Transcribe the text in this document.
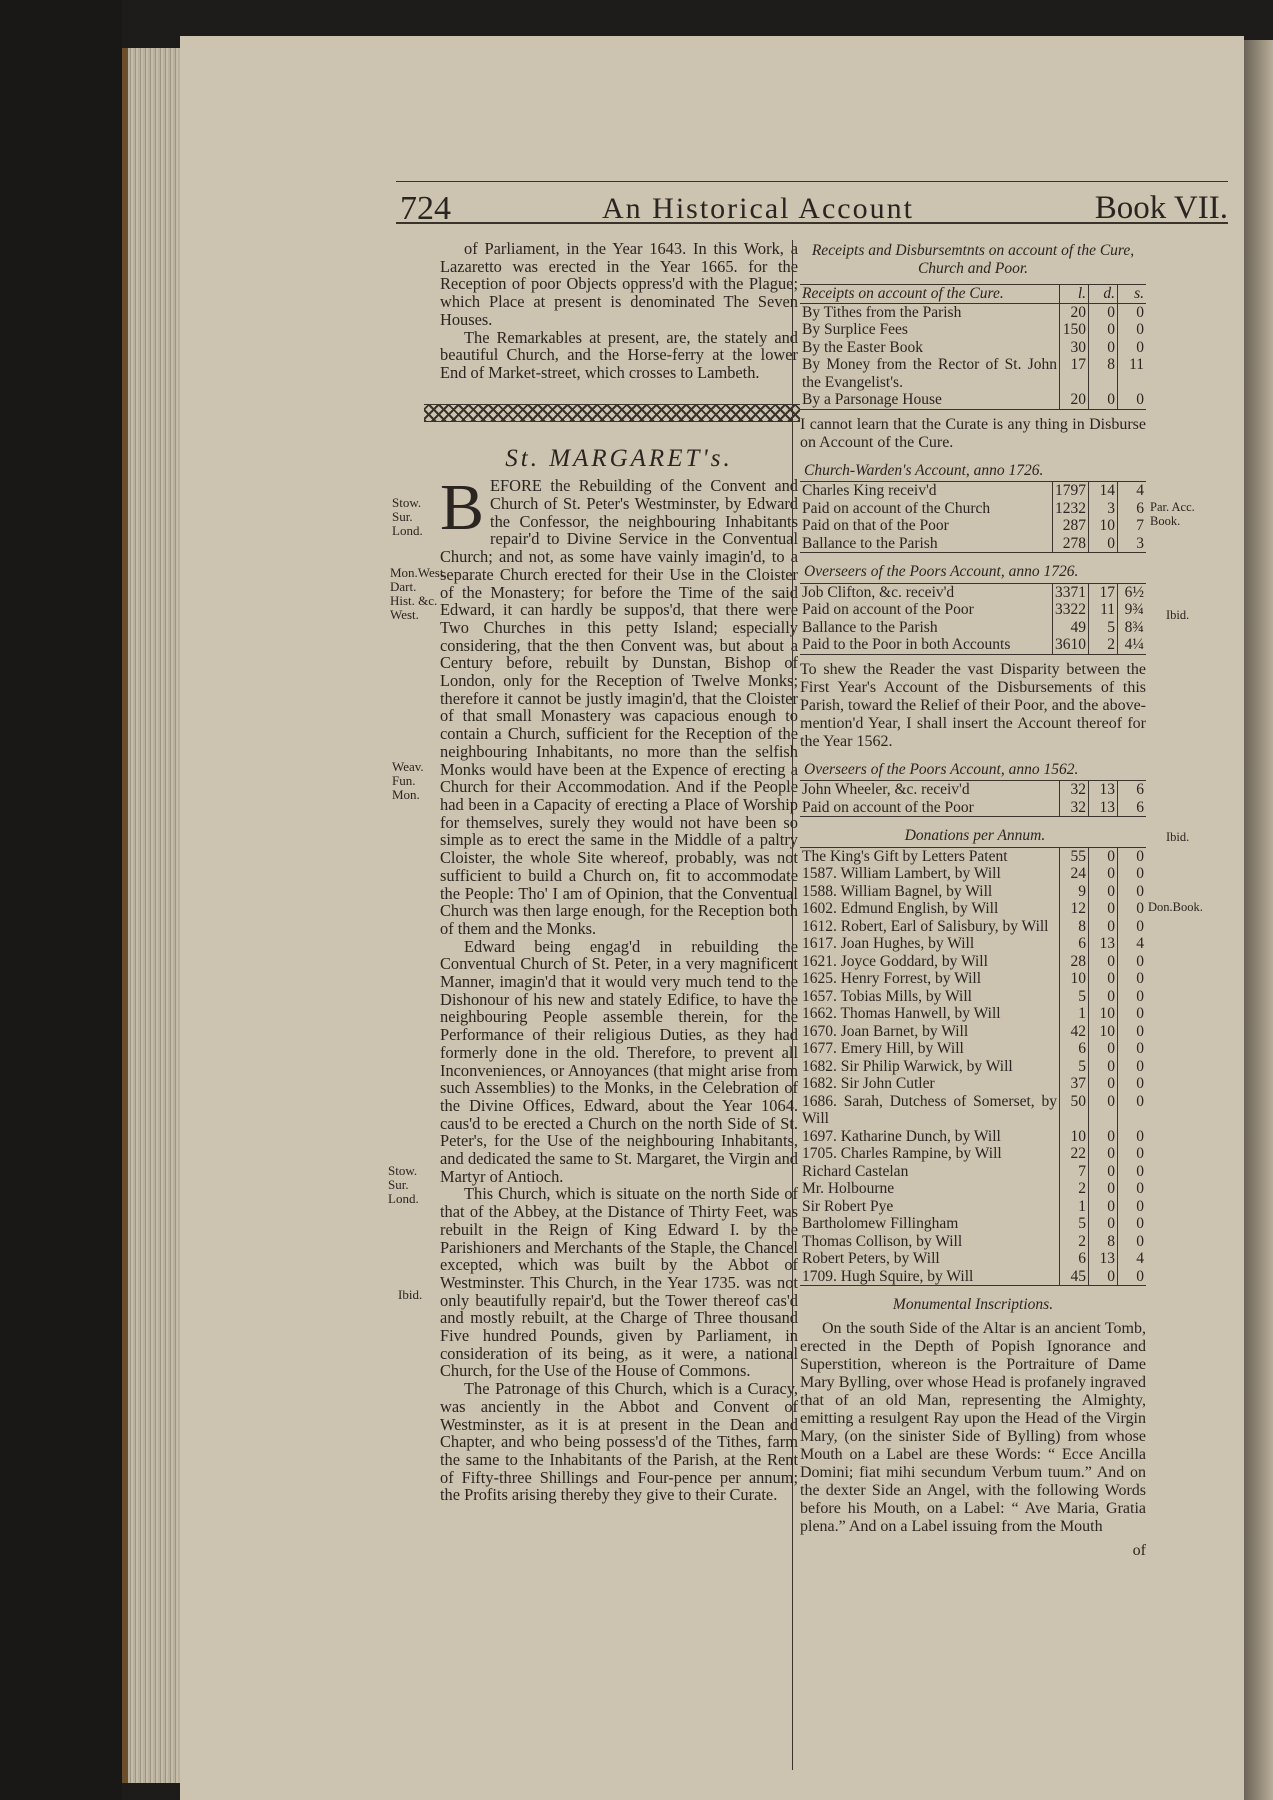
724	An Historical Account	Book VII.
Stow. Sur. Lond.
Mon.West. Dart. Hist. &c. West.
Weav. Fun. Mon.
Stow. Sur. Lond.
Ibid.

of Parliament, in the Year 1643. In this Work, a Lazaretto was erected in the Year 1665. for the Reception of poor Objects oppress'd with the Plague; which Place at present is denominated The Seven Houses.

The Remarkables at present, are, the stately and beautiful Church, and the Horse-ferry at the lower End of Market-street, which crosses to Lambeth.

St. MARGARET's.

B EFORE the Rebuilding of the Convent and Church of St. Peter's Westminster, by Edward the Confessor, the neighbouring Inhabitants repair'd to Divine Service in the Conventual Church; and not, as some have vainly imagin'd, to a separate Church erected for their Use in the Cloister of the Monastery; for before the Time of the said Edward, it can hardly be suppos'd, that there were Two Churches in this petty Island; especially considering, that the then Convent was, but about a Century before, rebuilt by Dunstan, Bishop of London, only for the Reception of Twelve Monks; therefore it cannot be justly imagin'd, that the Cloister of that small Monastery was capacious enough to contain a Church, sufficient for the Reception of the neighbouring Inhabitants, no more than the selfish Monks would have been at the Expence of erecting a Church for their Accommodation. And if the People had been in a Capacity of erecting a Place of Worship for themselves, surely they would not have been so simple as to erect the same in the Middle of a paltry Cloister, the whole Site whereof, probably, was not sufficient to build a Church on, fit to accommodate the People: Tho' I am of Opinion, that the Conventual Church was then large enough, for the Reception both of them and the Monks.

Edward being engag'd in rebuilding the Conventual Church of St. Peter, in a very magnificent Manner, imagin'd that it would very much tend to the Dishonour of his new and stately Edifice, to have the neighbouring People assemble therein, for the Performance of their religious Duties, as they had formerly done in the old. Therefore, to prevent all Inconveniences, or Annoyances (that might arise from such Assemblies) to the Monks, in the Celebration of the Divine Offices, Edward, about the Year 1064. caus'd to be erected a Church on the north Side of St. Peter's, for the Use of the neighbouring Inhabitants, and dedicated the same to St. Margaret, the Virgin and Martyr of Antioch.

This Church, which is situate on the north Side of that of the Abbey, at the Distance of Thirty Feet, was rebuilt in the Reign of King Edward I. by the Parishioners and Merchants of the Staple, the Chancel excepted, which was built by the Abbot of Westminster. This Church, in the Year 1735. was not only beautifully repair'd, but the Tower thereof cas'd and mostly rebuilt, at the Charge of Three thousand Five hundred Pounds, given by Parliament, in consideration of its being, as it were, a national Church, for the Use of the House of Commons.

The Patronage of this Church, which is a Curacy, was anciently in the Abbot and Convent of Westminster, as it is at present in the Dean and Chapter, and who being possess'd of the Tithes, farm the same to the Inhabitants of the Parish, at the Rent of Fifty-three Shillings and Four-pence per annum; the Profits arising thereby they give to their Curate.

Par. Acc. Book.
Ibid.
Ibid.
Don.Book.
Receipts and Disbursemtnts on account of the Cure, Church and Poor.
Receipts on account of the Cure.	l.	d.	s.
By Tithes from the Parish	20	0	0
By Surplice Fees	150	0	0
By the Easter Book	30	0	0
By Money from the Rector of St. John the Evangelist's.	17	8	11
By a Parsonage House	20	0	0
I cannot learn that the Curate is any thing in Disburse on Account of the Cure.
Church-Warden's Account, anno 1726.
Charles King receiv'd	1797	14	4
Paid on account of the Church	1232	3	6
Paid on that of the Poor	287	10	7
Ballance to the Parish	278	0	3
Overseers of the Poors Account, anno 1726.
Job Clifton, &c. receiv'd	3371	17	6½
Paid on account of the Poor	3322	11	9¾
Ballance to the Parish	49	5	8¾
Paid to the Poor in both Accounts	3610	2	4¼
To shew the Reader the vast Disparity between the First Year's Account of the Disbursements of this Parish, toward the Relief of their Poor, and the above-mention'd Year, I shall insert the Account thereof for the Year 1562.
Overseers of the Poors Account, anno 1562.
John Wheeler, &c. receiv'd	32	13	6
Paid on account of the Poor	32	13	6
Donations per Annum.
The King's Gift by Letters Patent	55	0	0
1587. William Lambert, by Will	24	0	0
1588. William Bagnel, by Will	9	0	0
1602. Edmund English, by Will	12	0	0
1612. Robert, Earl of Salisbury, by Will	8	0	0
1617. Joan Hughes, by Will	6	13	4
1621. Joyce Goddard, by Will	28	0	0
1625. Henry Forrest, by Will	10	0	0
1657. Tobias Mills, by Will	5	0	0
1662. Thomas Hanwell, by Will	1	10	0
1670. Joan Barnet, by Will	42	10	0
1677. Emery Hill, by Will	6	0	0
1682. Sir Philip Warwick, by Will	5	0	0
1682. Sir John Cutler	37	0	0
1686. Sarah, Dutchess of Somerset, by Will	50	0	0
1697. Katharine Dunch, by Will	10	0	0
1705. Charles Rampine, by Will	22	0	0
Richard Castelan	7	0	0
Mr. Holbourne	2	0	0
Sir Robert Pye	1	0	0
Bartholomew Fillingham	5	0	0
Thomas Collison, by Will	2	8	0
Robert Peters, by Will	6	13	4
1709. Hugh Squire, by Will	45	0	0
Monumental Inscriptions.
On the south Side of the Altar is an ancient Tomb, erected in the Depth of Popish Ignorance and Superstition, whereon is the Portraiture of Dame Mary Bylling, over whose Head is profanely ingraved that of an old Man, representing the Almighty, emitting a resulgent Ray upon the Head of the Virgin Mary, (on the sinister Side of Bylling) from whose Mouth on a Label are these Words: “ Ecce Ancilla Domini; fiat mihi secundum Verbum tuum.” And on the dexter Side an Angel, with the following Words before his Mouth, on a Label: “ Ave Maria, Gratia plena.” And on a Label issuing from the Mouth
of
